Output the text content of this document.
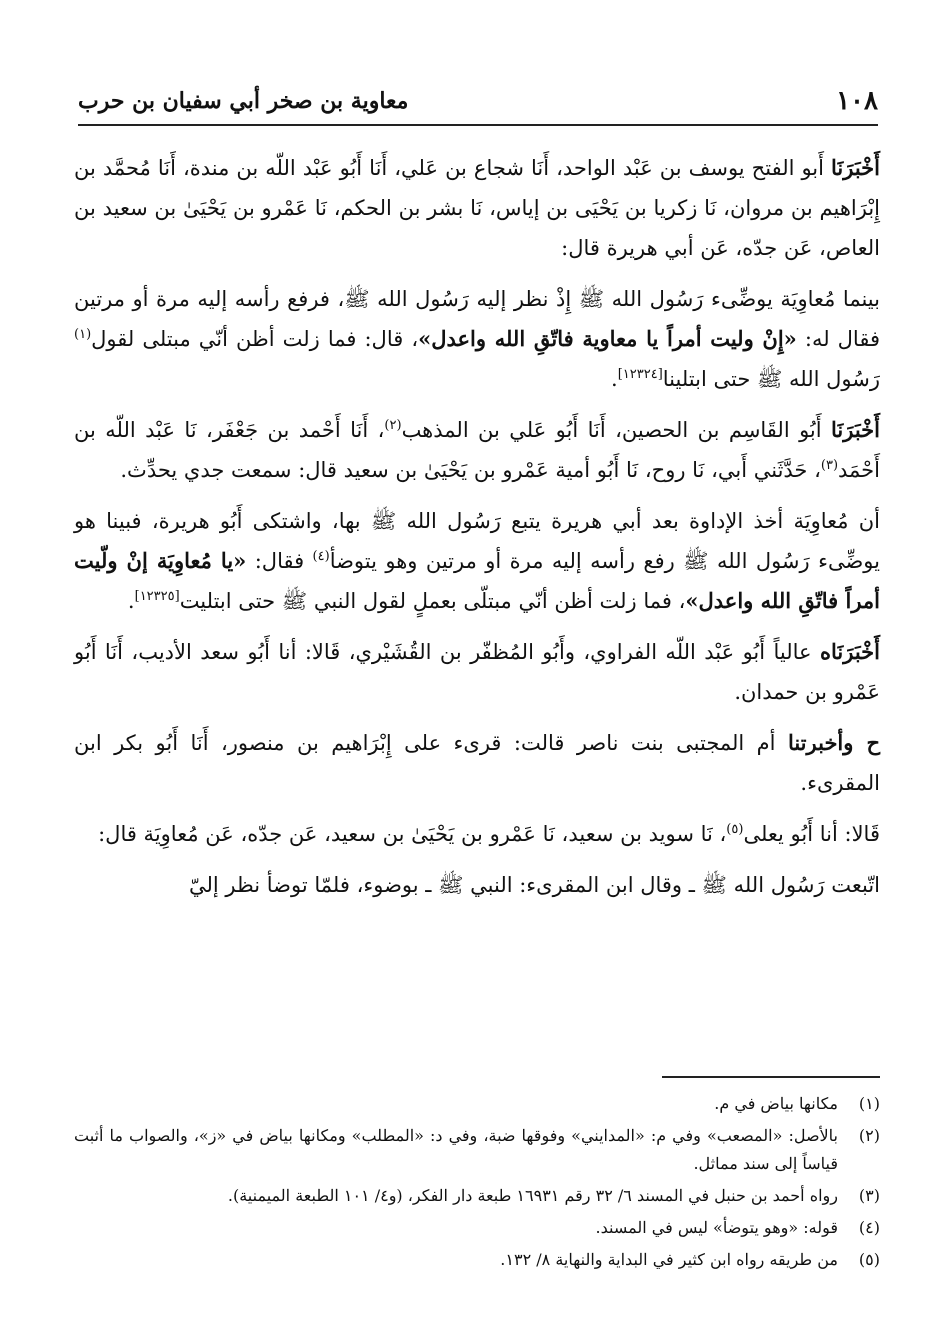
١٠٨
معاوية بن صخر أبي سفيان بن حرب

أَخْبَرَنَا أَبو الفتح يوسف بن عَبْد الواحد، أَنَا شجاع بن عَلي، أَنَا أَبُو عَبْد اللّه بن مندة، أَنَا مُحمَّد بن إِبْرَاهيم بن مروان، نَا زكريا بن يَحْيَى بن إياس، نَا بشر بن الحكم، نَا عَمْرو بن يَحْيَىٰ بن سعيد بن العاص، عَن جدّه، عَن أبي هريرة قال:

بينما مُعاوِيَة يوضِّىء رَسُول الله ﷺ إِذْ نظر إليه رَسُول الله ﷺ، فرفع رأسه إليه مرة أو مرتين فقال له: «إِنْ وليت أمراً يا معاوية فاتّقِ الله واعدل»، قال: فما زلت أظن أنّي مبتلى لقول$^{(١)}$ رَسُول الله ﷺ حتى ابتلينا[١٢٣٢٤].

أَخْبَرَنَا أَبُو القَاسِم بن الحصين، أَنَا أَبُو عَلي بن المذهب$^{(٢)}$، أَنَا أَحْمد بن جَعْفَر، نَا عَبْد اللّه بن أَحْمَد$^{(٣)}$، حَدَّثَني أَبي، نَا روح، نَا أَبُو أمية عَمْرو بن يَحْيَىٰ بن سعيد قال: سمعت جدي يحدِّث.

أن مُعاوِيَة أخذ الإداوة بعد أبي هريرة يتبع رَسُول الله ﷺ بها، واشتكى أَبُو هريرة، فبينا هو يوضِّىء رَسُول الله ﷺ رفع رأسه إليه مرة أو مرتين وهو يتوضأ$^{(٤)}$ فقال: «يا مُعاوِيَة إنْ ولّيت أمراً فاتّقِ الله واعدل»، فما زلت أظن أنّي مبتلّى بعملٍ لقول النبي ﷺ حتى ابتليت[١٢٣٢٥].

أَخْبَرَنَاه عالياً أَبُو عَبْد اللّه الفراوي، وأَبُو المُظفّر بن القُشَيْري، قَالا: أنا أَبُو سعد الأديب، أَنَا أَبُو عَمْرو بن حمدان.

ح وأخبرتنا أم المجتبى بنت ناصر قالت: قرىء على إِبْرَاهيم بن منصور، أَنَا أَبُو بكر ابن المقرىء.

قَالا: أنا أَبُو يعلى$^{(٥)}$، نَا سويد بن سعيد، نَا عَمْرو بن يَحْيَىٰ بن سعيد، عَن جدّه، عَن مُعاوِيَة قال:

اتّبعت رَسُول الله ﷺ ـ وقال ابن المقرىء: النبي ﷺ ـ بوضوء، فلمّا توضأ نظر إليّ

(١)
مكانها بياض في م.
(٢)
بالأصل: «المصعب» وفي م: «المدايني» وفوقها ضبة، وفي د: «المطلب» ومكانها بياض في «ز»، والصواب ما أثبت قياساً إلى سند مماثل.
(٣)
رواه أحمد بن حنبل في المسند ٦/ ٣٢ رقم ١٦٩٣١ طبعة دار الفكر، (و٤/ ١٠١ الطبعة الميمنية).
(٤)
قوله: «وهو يتوضأ» ليس في المسند.
(٥)
من طريقه رواه ابن كثير في البداية والنهاية ٨/ ١٣٢.
